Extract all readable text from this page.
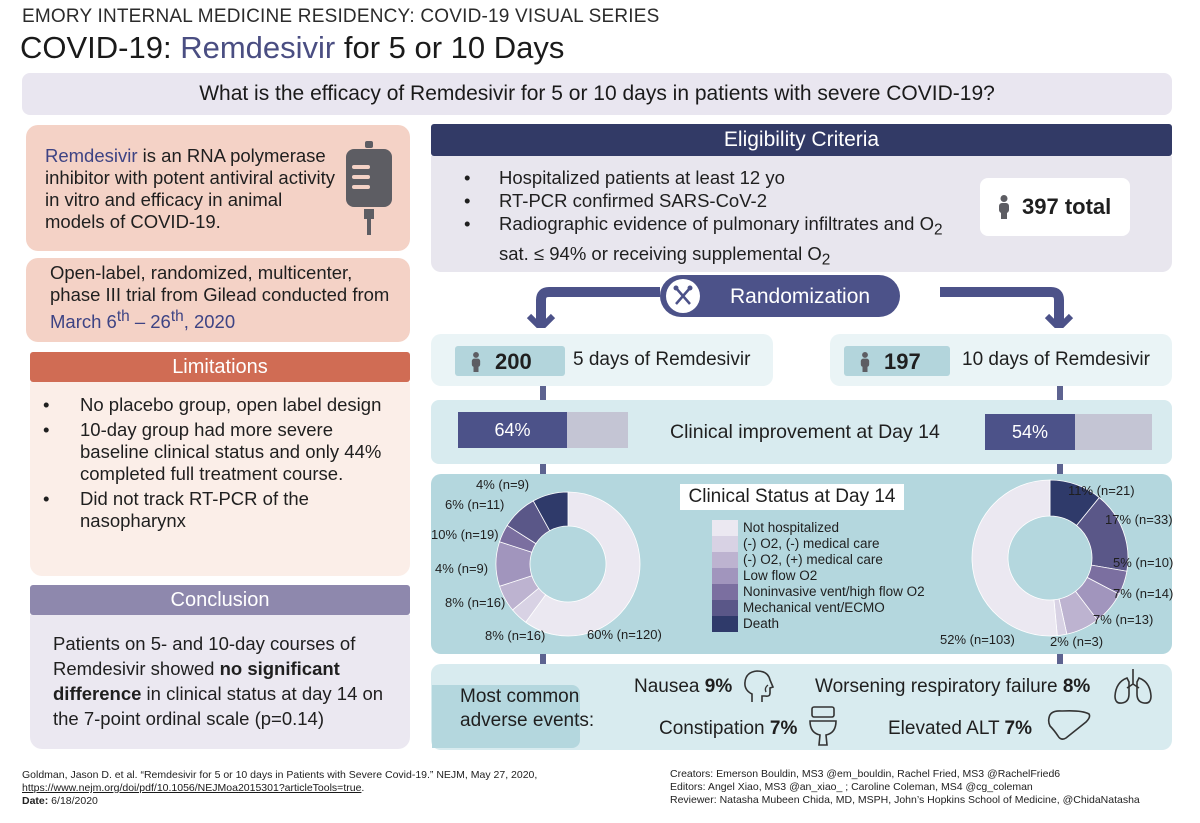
EMORY INTERNAL MEDICINE RESIDENCY: COVID-19 VISUAL SERIES
COVID-19: Remdesivir for 5 or 10 Days
What is the efficacy of Remdesivir for 5 or 10 days in patients with severe COVID-19?

Remdesivir is an RNA polymerase inhibitor with potent antiviral activity in vitro and efficacy in animal models of COVID-19.

Open-label, randomized, multicenter, phase III trial from Gilead conducted from March 6th – 26th, 2020

Limitations
• No placebo group, open label design
• 10-day group had more severe baseline clinical status and only 44% completed full treatment course.
• Did not track RT-PCR of the nasopharynx
Conclusion

Patients on 5- and 10-day courses of Remdesivir showed no significant difference in clinical status at day 14 on the 7-point ordinal scale (p=0.14)

Eligibility Criteria
• Hospitalized patients at least 12 yo
• RT-PCR confirmed SARS-CoV-2
• Radiographic evidence of pulmonary infiltrates and $O_2$ sat. ≤ 94% or receiving supplemental $O_2$
397 total
Randomization
200 5 days of Remdesivir	197 10 days of Remdesivir
64%	Clinical improvement at Day 14	54%
Clinical Status at Day 14
Not hospitalized
(-) O2, (-) medical care
(-) O2, (+) medical care
Low flow O2
Noninvasive vent/high flow O2
Mechanical vent/ECMO
Death
60% (n=120)
4% (n=9)
6% (n=11)
10% (n=19)
4% (n=9)
8% (n=16)
8% (n=16)
11% (n=21)
17% (n=33)
5% (n=10)
7% (n=14)
7% (n=13)
2% (n=3)
52% (n=103)
Most common adverse events:
Nausea 9%	Worsening respiratory failure 8%
Constipation 7%	Elevated ALT 7%
Goldman, Jason D. et al. “Remdesivir for 5 or 10 days in Patients with Severe Covid-19.” NEJM, May 27, 2020,
https://www.nejm.org/doi/pdf/10.1056/NEJMoa2015301?articleTools=true.
Date: 6/18/2020
Creators: Emerson Bouldin, MS3 @em_bouldin, Rachel Fried, MS3 @RachelFried6
Editors: Angel Xiao, MS3 @an_xiao_ ; Caroline Coleman, MS4 @cg_coleman
Reviewer: Natasha Mubeen Chida, MD, MSPH, John’s Hopkins School of Medicine, @ChidaNatasha
